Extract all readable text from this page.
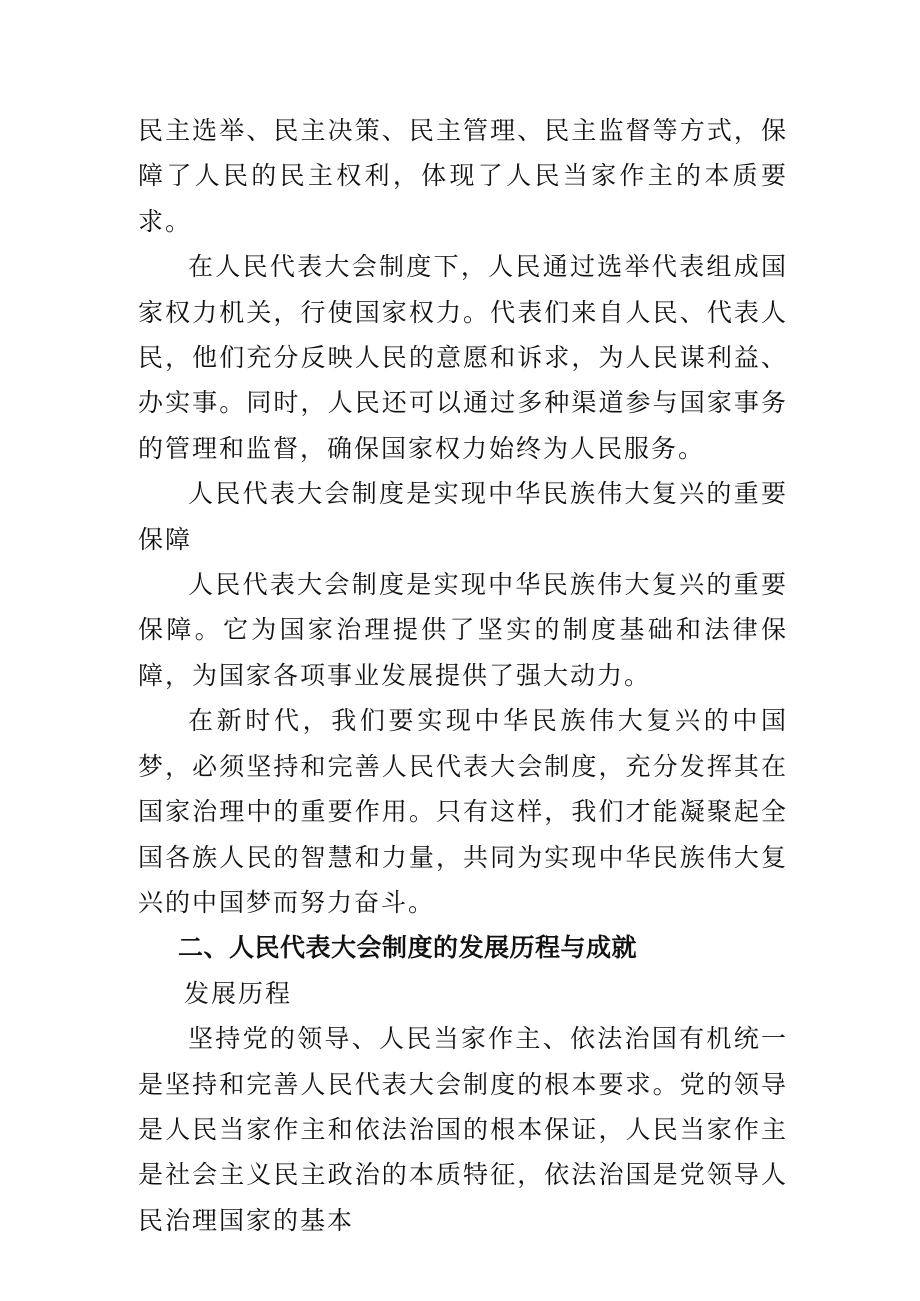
民主选举、民主决策、民主管理、民主监督等方式，保障了人民的民主权利，体现了人民当家作主的本质要求。

在人民代表大会制度下，人民通过选举代表组成国家权力机关，行使国家权力。代表们来自人民、代表人民，他们充分反映人民的意愿和诉求，为人民谋利益、办实事。同时，人民还可以通过多种渠道参与国家事务的管理和监督，确保国家权力始终为人民服务。

人民代表大会制度是实现中华民族伟大复兴的重要保障

人民代表大会制度是实现中华民族伟大复兴的重要保障。它为国家治理提供了坚实的制度基础和法律保障，为国家各项事业发展提供了强大动力。

在新时代，我们要实现中华民族伟大复兴的中国梦，必须坚持和完善人民代表大会制度，充分发挥其在国家治理中的重要作用。只有这样，我们才能凝聚起全国各族人民的智慧和力量，共同为实现中华民族伟大复兴的中国梦而努力奋斗。

二、人民代表大会制度的发展历程与成就

发展历程

坚持党的领导、人民当家作主、依法治国有机统一是坚持和完善人民代表大会制度的根本要求。党的领导是人民当家作主和依法治国的根本保证，人民当家作主是社会主义民主政治的本质特征，依法治国是党领导人民治理国家的基本
